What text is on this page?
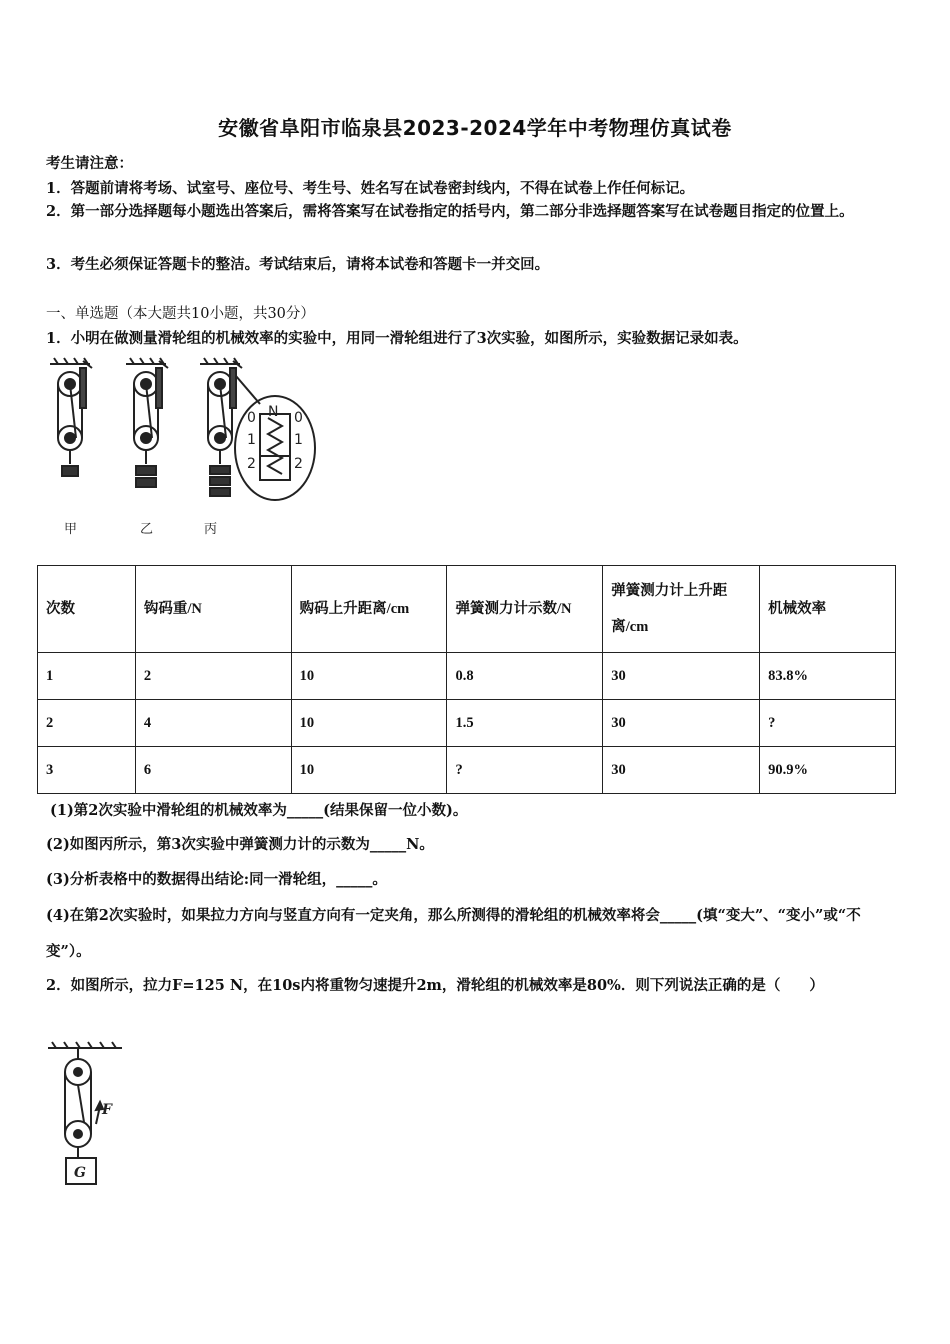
安徽省阜阳市临泉县2023-2024学年中考物理仿真试卷
考生请注意：
1．答题前请将考场、试室号、座位号、考生号、姓名写在试卷密封线内，不得在试卷上作任何标记。
2．第一部分选择题每小题选出答案后，需将答案写在试卷指定的括号内，第二部分非选择题答案写在试卷题目指定的位置上。
3．考生必须保证答题卡的整洁。考试结束后，请将本试卷和答题卡一并交回。
一、单选题（本大题共10小题，共30分）
1．小明在做测量滑轮组的机械效率的实验中，用同一滑轮组进行了3次实验，如图所示，实验数据记录如表。
N
0
1
2
0
1
2
甲	乙	丙
次数	钩码重/N	购码上升距离/cm	弹簧测力计示数/N	弹簧测力计上升距离/cm	机械效率
1	2	10	0.8	30	83.8%
2	4	10	1.5	30	?
3	6	10	?	30	90.9%
(1)第2次实验中滑轮组的机械效率为_____(结果保留一位小数)。
(2)如图丙所示，第3次实验中弹簧测力计的示数为_____N。
(3)分析表格中的数据得出结论:同一滑轮组，_____。
(4)在第2次实验时，如果拉力方向与竖直方向有一定夹角，那么所测得的滑轮组的机械效率将会_____(填“变大”、“变小”或“不变”）。
2．如图所示，拉力F=125 N，在10s内将重物匀速提升2m，滑轮组的机械效率是80%．则下列说法正确的是（　　）
F
G
